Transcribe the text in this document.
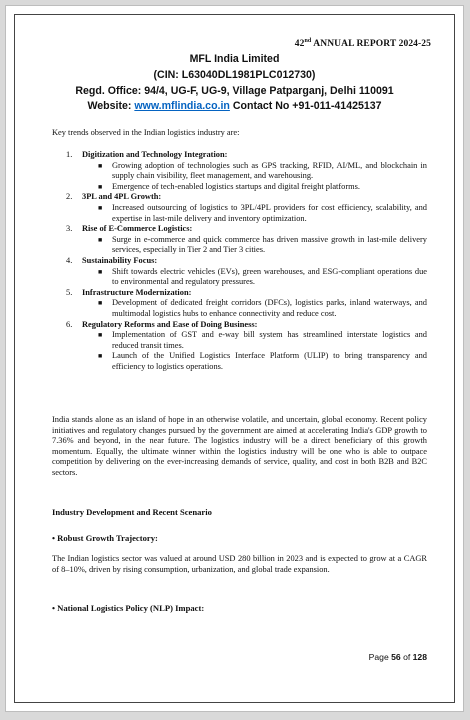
42nd ANNUAL REPORT 2024-25
MFL India Limited
(CIN: L63040DL1981PLC012730)
Regd. Office: 94/4, UG-F, UG-9, Village Patparganj, Delhi 110091
Website: www.mflindia.co.in Contact No +91-011-41425137
Key trends observed in the Indian logistics industry are:
1. Digitization and Technology Integration:
■ Growing adoption of technologies such as GPS tracking, RFID, AI/ML, and blockchain in supply chain visibility, fleet management, and warehousing.
■ Emergence of tech-enabled logistics startups and digital freight platforms.
2. 3PL and 4PL Growth:
■ Increased outsourcing of logistics to 3PL/4PL providers for cost efficiency, scalability, and expertise in last-mile delivery and inventory optimization.
3. Rise of E-Commerce Logistics:
■ Surge in e-commerce and quick commerce has driven massive growth in last-mile delivery services, especially in Tier 2 and Tier 3 cities.
4. Sustainability Focus:
■ Shift towards electric vehicles (EVs), green warehouses, and ESG-compliant operations due to environmental and regulatory pressures.
5. Infrastructure Modernization:
■ Development of dedicated freight corridors (DFCs), logistics parks, inland waterways, and multimodal logistics hubs to enhance connectivity and reduce cost.
6. Regulatory Reforms and Ease of Doing Business:
■ Implementation of GST and e-way bill system has streamlined interstate logistics and reduced transit times.
■ Launch of the Unified Logistics Interface Platform (ULIP) to bring transparency and efficiency to logistics operations.
India stands alone as an island of hope in an otherwise volatile, and uncertain, global economy. Recent policy initiatives and regulatory changes pursued by the government are aimed at accelerating India's GDP growth to 7.36% and beyond, in the near future. The logistics industry will be a direct beneficiary of this growth momentum. Equally, the ultimate winner within the logistics industry will be one who is able to outpace competition by delivering on the ever-increasing demands of service, quality, and cost in both B2B and B2C sectors.
Industry Development and Recent Scenario
• Robust Growth Trajectory:
The Indian logistics sector was valued at around USD 280 billion in 2023 and is expected to grow at a CAGR of 8–10%, driven by rising consumption, urbanization, and global trade expansion.
• National Logistics Policy (NLP) Impact:
Page 56 of 128
